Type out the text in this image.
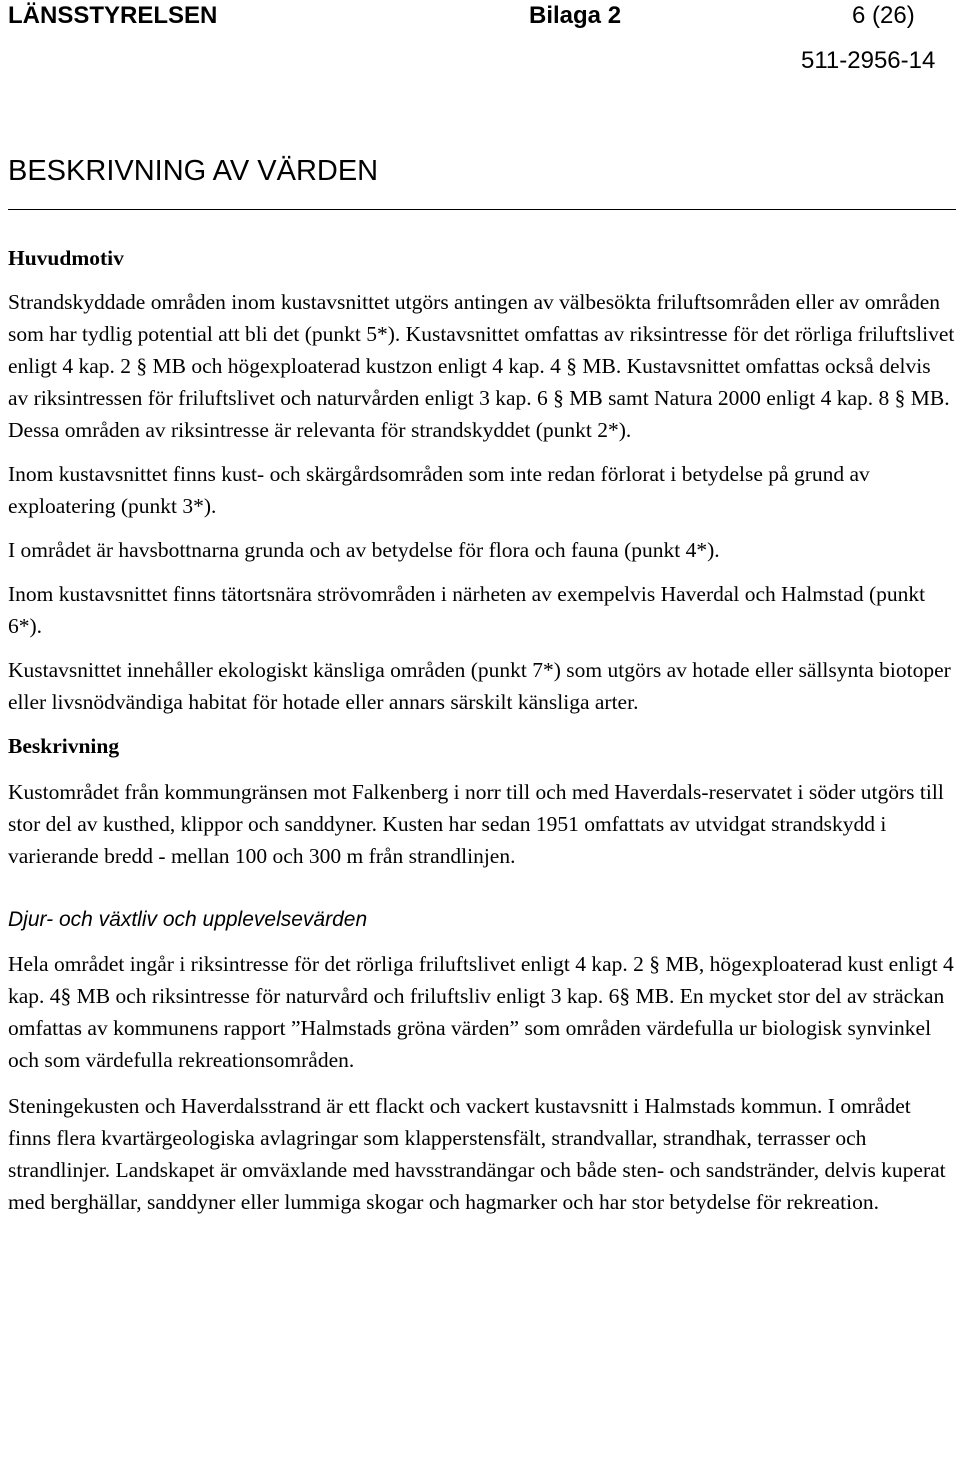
LÄNSSTYRELSEN	Bilaga 2	6 (26)
511-2956-14
BESKRIVNING AV VÄRDEN

Huvudmotiv

Strandskyddade områden inom kustavsnittet utgörs antingen av välbesökta friluftsområden eller av områden som har tydlig potential att bli det (punkt 5*). Kustavsnittet omfattas av riksintresse för det rörliga friluftslivet enligt 4 kap. 2 § MB och högexploaterad kustzon enligt 4 kap. 4 § MB. Kustavsnittet omfattas också delvis av riksintressen för friluftslivet och naturvården enligt 3 kap. 6 § MB samt Natura 2000 enligt 4 kap. 8 § MB. Dessa områden av riksintresse är relevanta för strandskyddet (punkt 2*).

Inom kustavsnittet finns kust- och skärgårdsområden som inte redan förlorat i betydelse på grund av exploatering (punkt 3*).

I området är havsbottnarna grunda och av betydelse för flora och fauna (punkt 4*).

Inom kustavsnittet finns tätortsnära strövområden i närheten av exempelvis Haverdal och Halmstad (punkt 6*).

Kustavsnittet innehåller ekologiskt känsliga områden (punkt 7*) som utgörs av hotade eller sällsynta biotoper eller livsnödvändiga habitat för hotade eller annars särskilt känsliga arter.

Beskrivning

Kustområdet från kommungränsen mot Falkenberg i norr till och med Haverdals-reservatet i söder utgörs till stor del av kusthed, klippor och sanddyner. Kusten har sedan 1951 omfattats av utvidgat strandskydd i varierande bredd - mellan 100 och 300 m från strandlinjen.

Djur- och växtliv och upplevelsevärden

Hela området ingår i riksintresse för det rörliga friluftslivet enligt 4 kap. 2 § MB, högexploaterad kust enligt 4 kap. 4§ MB och riksintresse för naturvård och friluftsliv enligt 3 kap. 6§ MB. En mycket stor del av sträckan omfattas av kommunens rapport ”Halmstads gröna värden” som områden värdefulla ur biologisk synvinkel och som värdefulla rekreationsområden.

Steningekusten och Haverdalsstrand är ett flackt och vackert kustavsnitt i Halmstads kommun. I området finns flera kvartärgeologiska avlagringar som klapperstensfält, strandvallar, strandhak, terrasser och strandlinjer. Landskapet är omväxlande med havsstrandängar och både sten- och sandstränder, delvis kuperat med berghällar, sanddyner eller lummiga skogar och hagmarker och har stor betydelse för rekreation.
